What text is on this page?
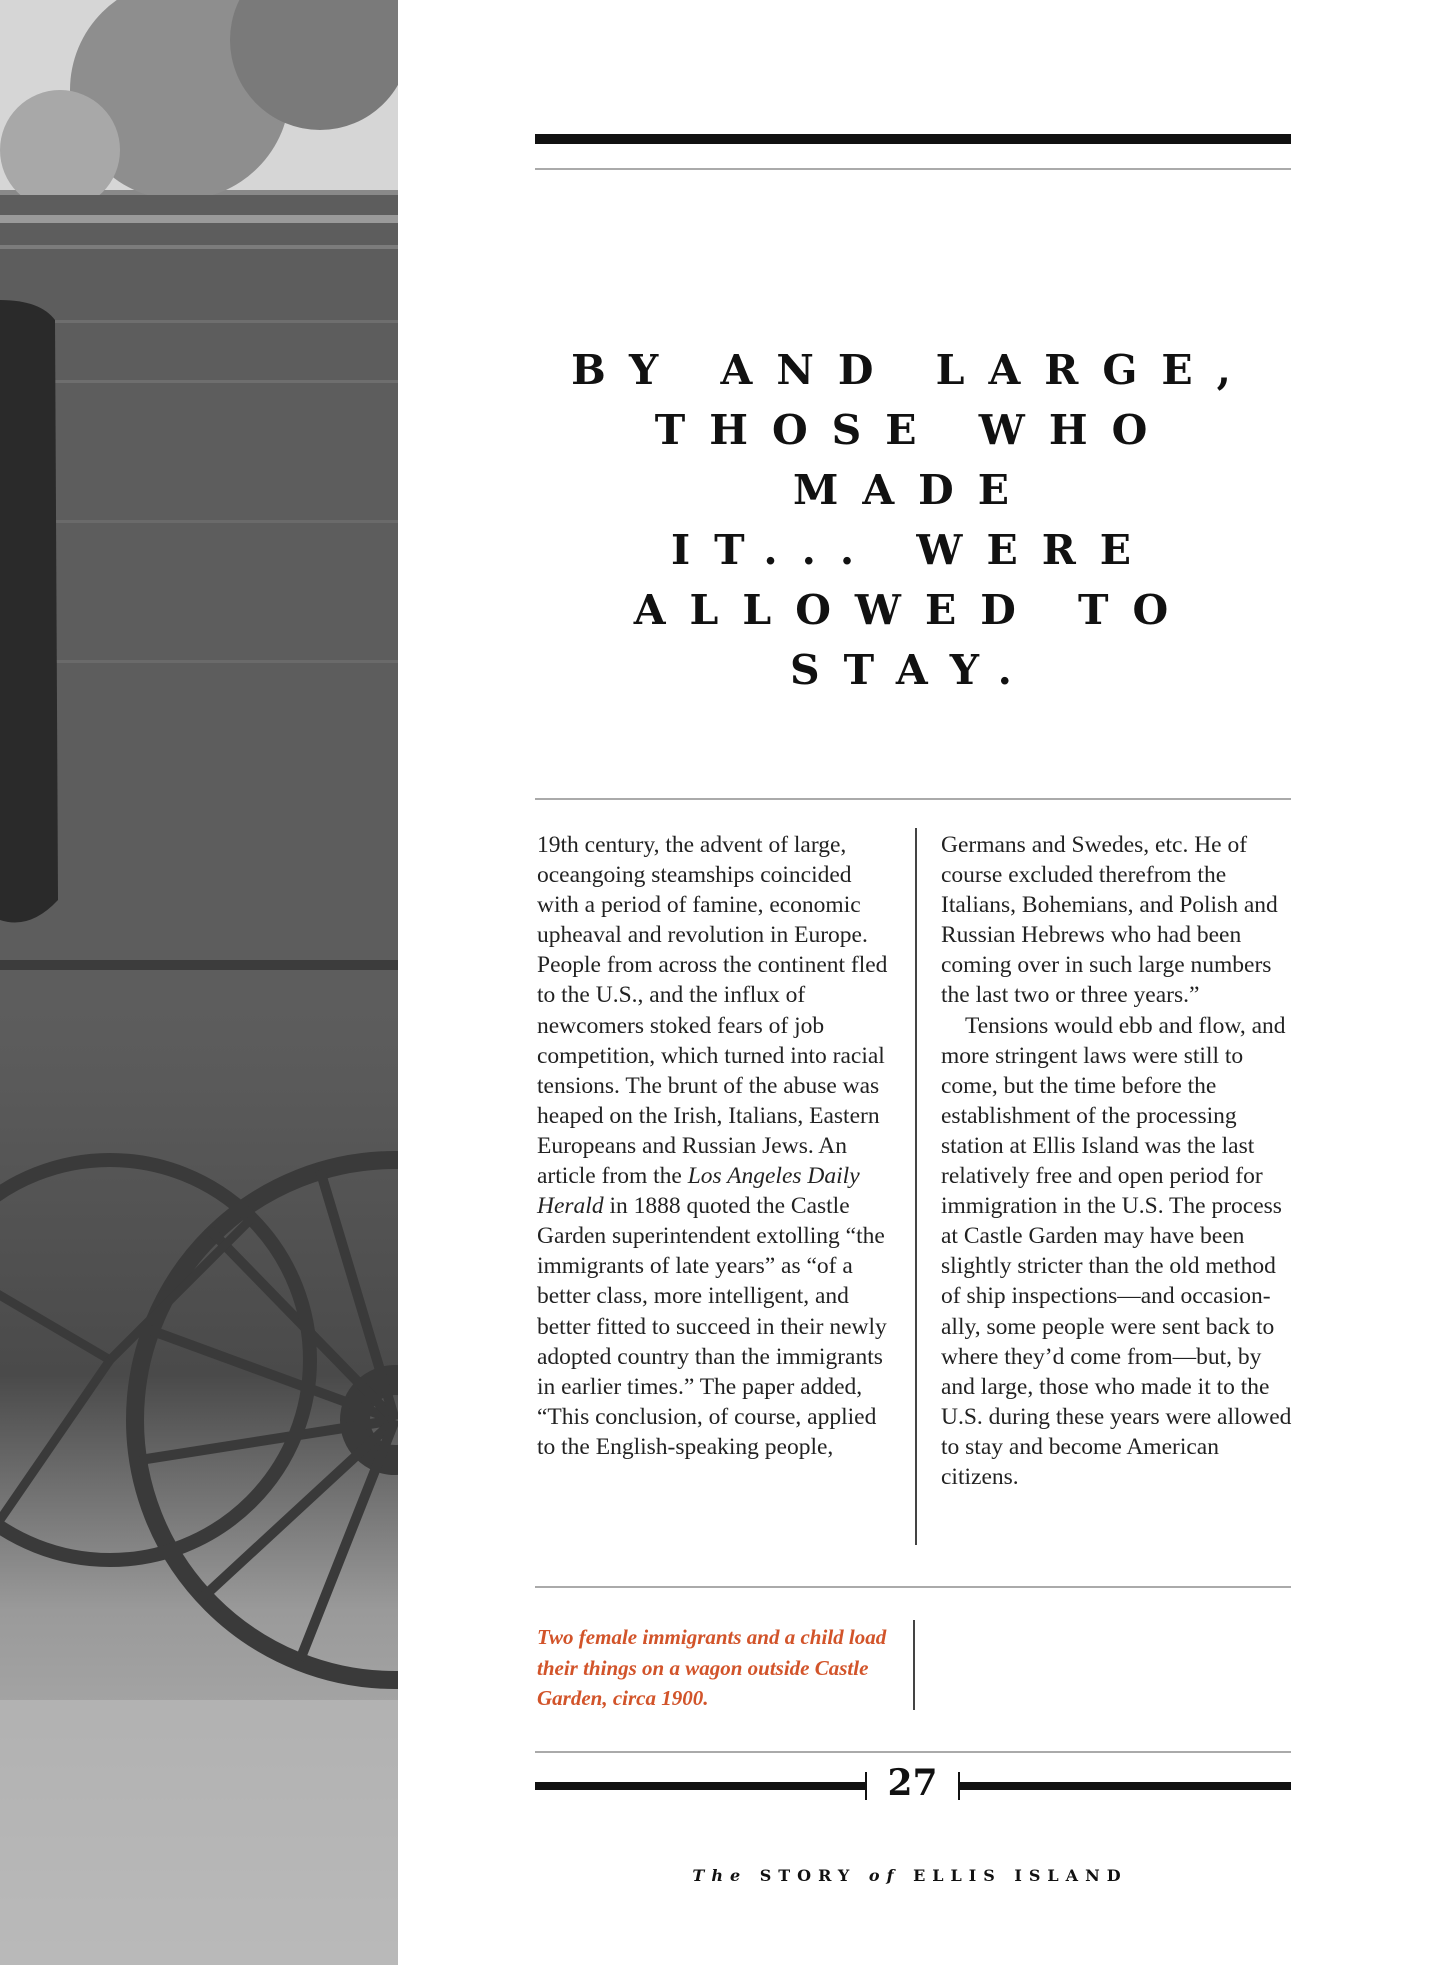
BY AND LARGE,
THOSE WHO MADE
IT... WERE
ALLOWED TO STAY.

19th century, the advent of large, oceangoing steamships coincided with a period of famine, economic upheaval and revolution in Europe. People from across the continent fled to the U.S., and the influx of newcomers stoked fears of job competition, which turned into racial tensions. The brunt of the abuse was heaped on the Irish, Italians, Eastern Europeans and Russian Jews. An article from the Los Angeles Daily Herald in 1888 quoted the Castle Garden superintendent extolling “the immigrants of late years” as “of a better class, more intelligent, and better fitted to succeed in their newly adopted country than the immigrants in earlier times.” The paper added, “This conclusion, of course, applied to the English-speaking people,

Germans and Swedes, etc. He of course excluded therefrom the Italians, Bohemians, and Polish and Russian Hebrews who had been coming over in such large numbers the last two or three years.”

Tensions would ebb and flow, and more stringent laws were still to come, but the time before the establishment of the processing station at Ellis Island was the last relatively free and open period for immigration in the U.S. The process at Castle Garden may have been slightly stricter than the old method of ship inspections—and occasion-ally, some people were sent back to where they’d come from—but, by and large, those who made it to the U.S. during these years were allowed to stay and become American citizens.

Two female immigrants and a child load their things on a wagon outside Castle Garden, circa 1900.
27
The STORY of ELLIS ISLAND
